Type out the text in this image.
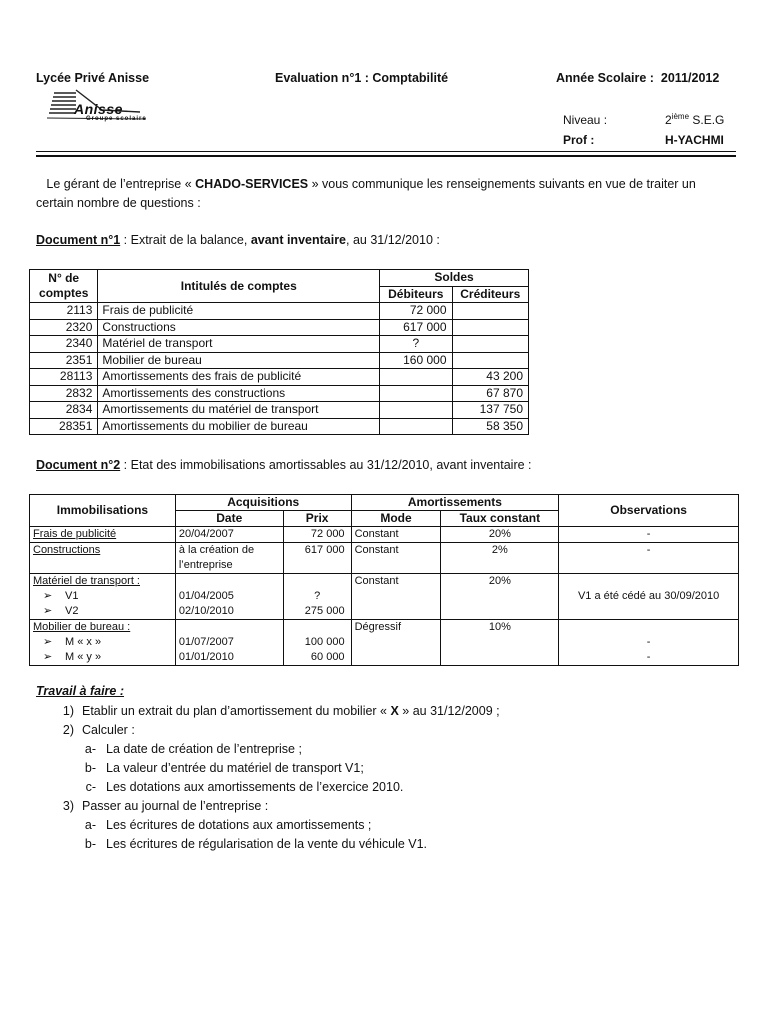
Lycée Privé Anisse	Evaluation n°1 : Comptabilité	Année Scolaire : 2011/2012
Anisse
Groupe scolaire	Niveau :	2ième S.E.G
Prof :	H-YACHMI

Le gérant de l’entreprise « CHADO-SERVICES » vous communique les renseignements suivants en vue de traiter un certain nombre de questions :

Document n°1 : Extrait de la balance, avant inventaire, au 31/12/2010 :
N° de comptes	Intitulés de comptes	Soldes	
		Débiteurs	Créditeurs
2113	Frais de publicité	72 000	
2320	Constructions	617 000	
2340	Matériel de transport	?	
2351	Mobilier de bureau	160 000	
28113	Amortissements des frais de publicité		43 200
2832	Amortissements des constructions		67 870
2834	Amortissements du matériel de transport		137 750
28351	Amortissements du mobilier de bureau		58 350
Document n°2 : Etat des immobilisations amortissables au 31/12/2010, avant inventaire :
Immobilisations	Acquisitions		Amortissements		Observations
	Date	Prix	Mode	Taux constant	
Frais de publicité	20/04/2007	72 000	Constant	20%	-
Constructions	à la création de
l’entreprise	617 000	Constant	2%	-
Matériel de transport :			Constant	20%	
➢ V1	01/04/2005	?			V1 a été cédé au 30/09/2010
➢ V2	02/10/2010	275 000			
Mobilier de bureau :			Dégressif	10%	
➢ M « x »	01/07/2007	100 000			-
➢ M « y »	01/01/2010	60 000			-
Travail à faire :
1) Etablir un extrait du plan d’amortissement du mobilier « X » au 31/12/2009 ;
2) Calculer :
a- La date de création de l’entreprise ;
b- La valeur d’entrée du matériel de transport V1;
c- Les dotations aux amortissements de l’exercice 2010.
3) Passer au journal de l’entreprise :
a- Les écritures de dotations aux amortissements ;
b- Les écritures de régularisation de la vente du véhicule V1.
